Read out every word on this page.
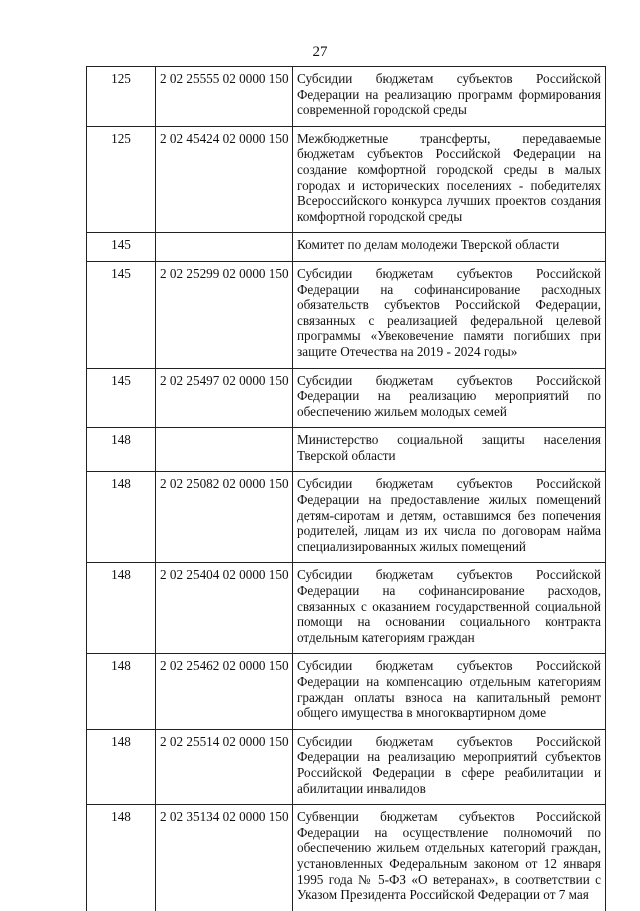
27
125	2 02 25555 02 0000 150	Субсидии бюджетам субъектов Российской Федерации на реализацию программ формирования современной городской среды

125	2 02 45424 02 0000 150	Межбюджетные трансферты, передаваемые бюджетам субъектов Российской Федерации на создание комфортной городской среды в малых городах и исторических поселениях - победителях Всероссийского конкурса лучших проектов создания комфортной городской среды

145		Комитет по делам молодежи Тверской области

145	2 02 25299 02 0000 150	Субсидии бюджетам субъектов Российской Федерации на софинансирование расходных обязательств субъектов Российской Федерации, связанных с реализацией федеральной целевой программы «Увековечение памяти погибших при защите Отечества на 2019 - 2024 годы»

145	2 02 25497 02 0000 150	Субсидии бюджетам субъектов Российской Федерации на реализацию мероприятий по обеспечению жильем молодых семей

148		Министерство социальной защиты населения Тверской области

148	2 02 25082 02 0000 150	Субсидии бюджетам субъектов Российской Федерации на предоставление жилых помещений детям-сиротам и детям, оставшимся без попечения родителей, лицам из их числа по договорам найма специализированных жилых помещений

148	2 02 25404 02 0000 150	Субсидии бюджетам субъектов Российской Федерации на софинансирование расходов, связанных с оказанием государственной социальной помощи на основании социального контракта отдельным категориям граждан

148	2 02 25462 02 0000 150	Субсидии бюджетам субъектов Российской Федерации на компенсацию отдельным категориям граждан оплаты взноса на капитальный ремонт общего имущества в многоквартирном доме

148	2 02 25514 02 0000 150	Субсидии бюджетам субъектов Российской Федерации на реализацию мероприятий субъектов Российской Федерации в сфере реабилитации и абилитации инвалидов

148	2 02 35134 02 0000 150	Субвенции бюджетам субъектов Российской Федерации на осуществление полномочий по обеспечению жильем отдельных категорий граждан, установленных Федеральным законом от 12 января 1995 года № 5-ФЗ «О ветеранах», в соответствии с Указом Президента Российской Федерации от 7 мая
